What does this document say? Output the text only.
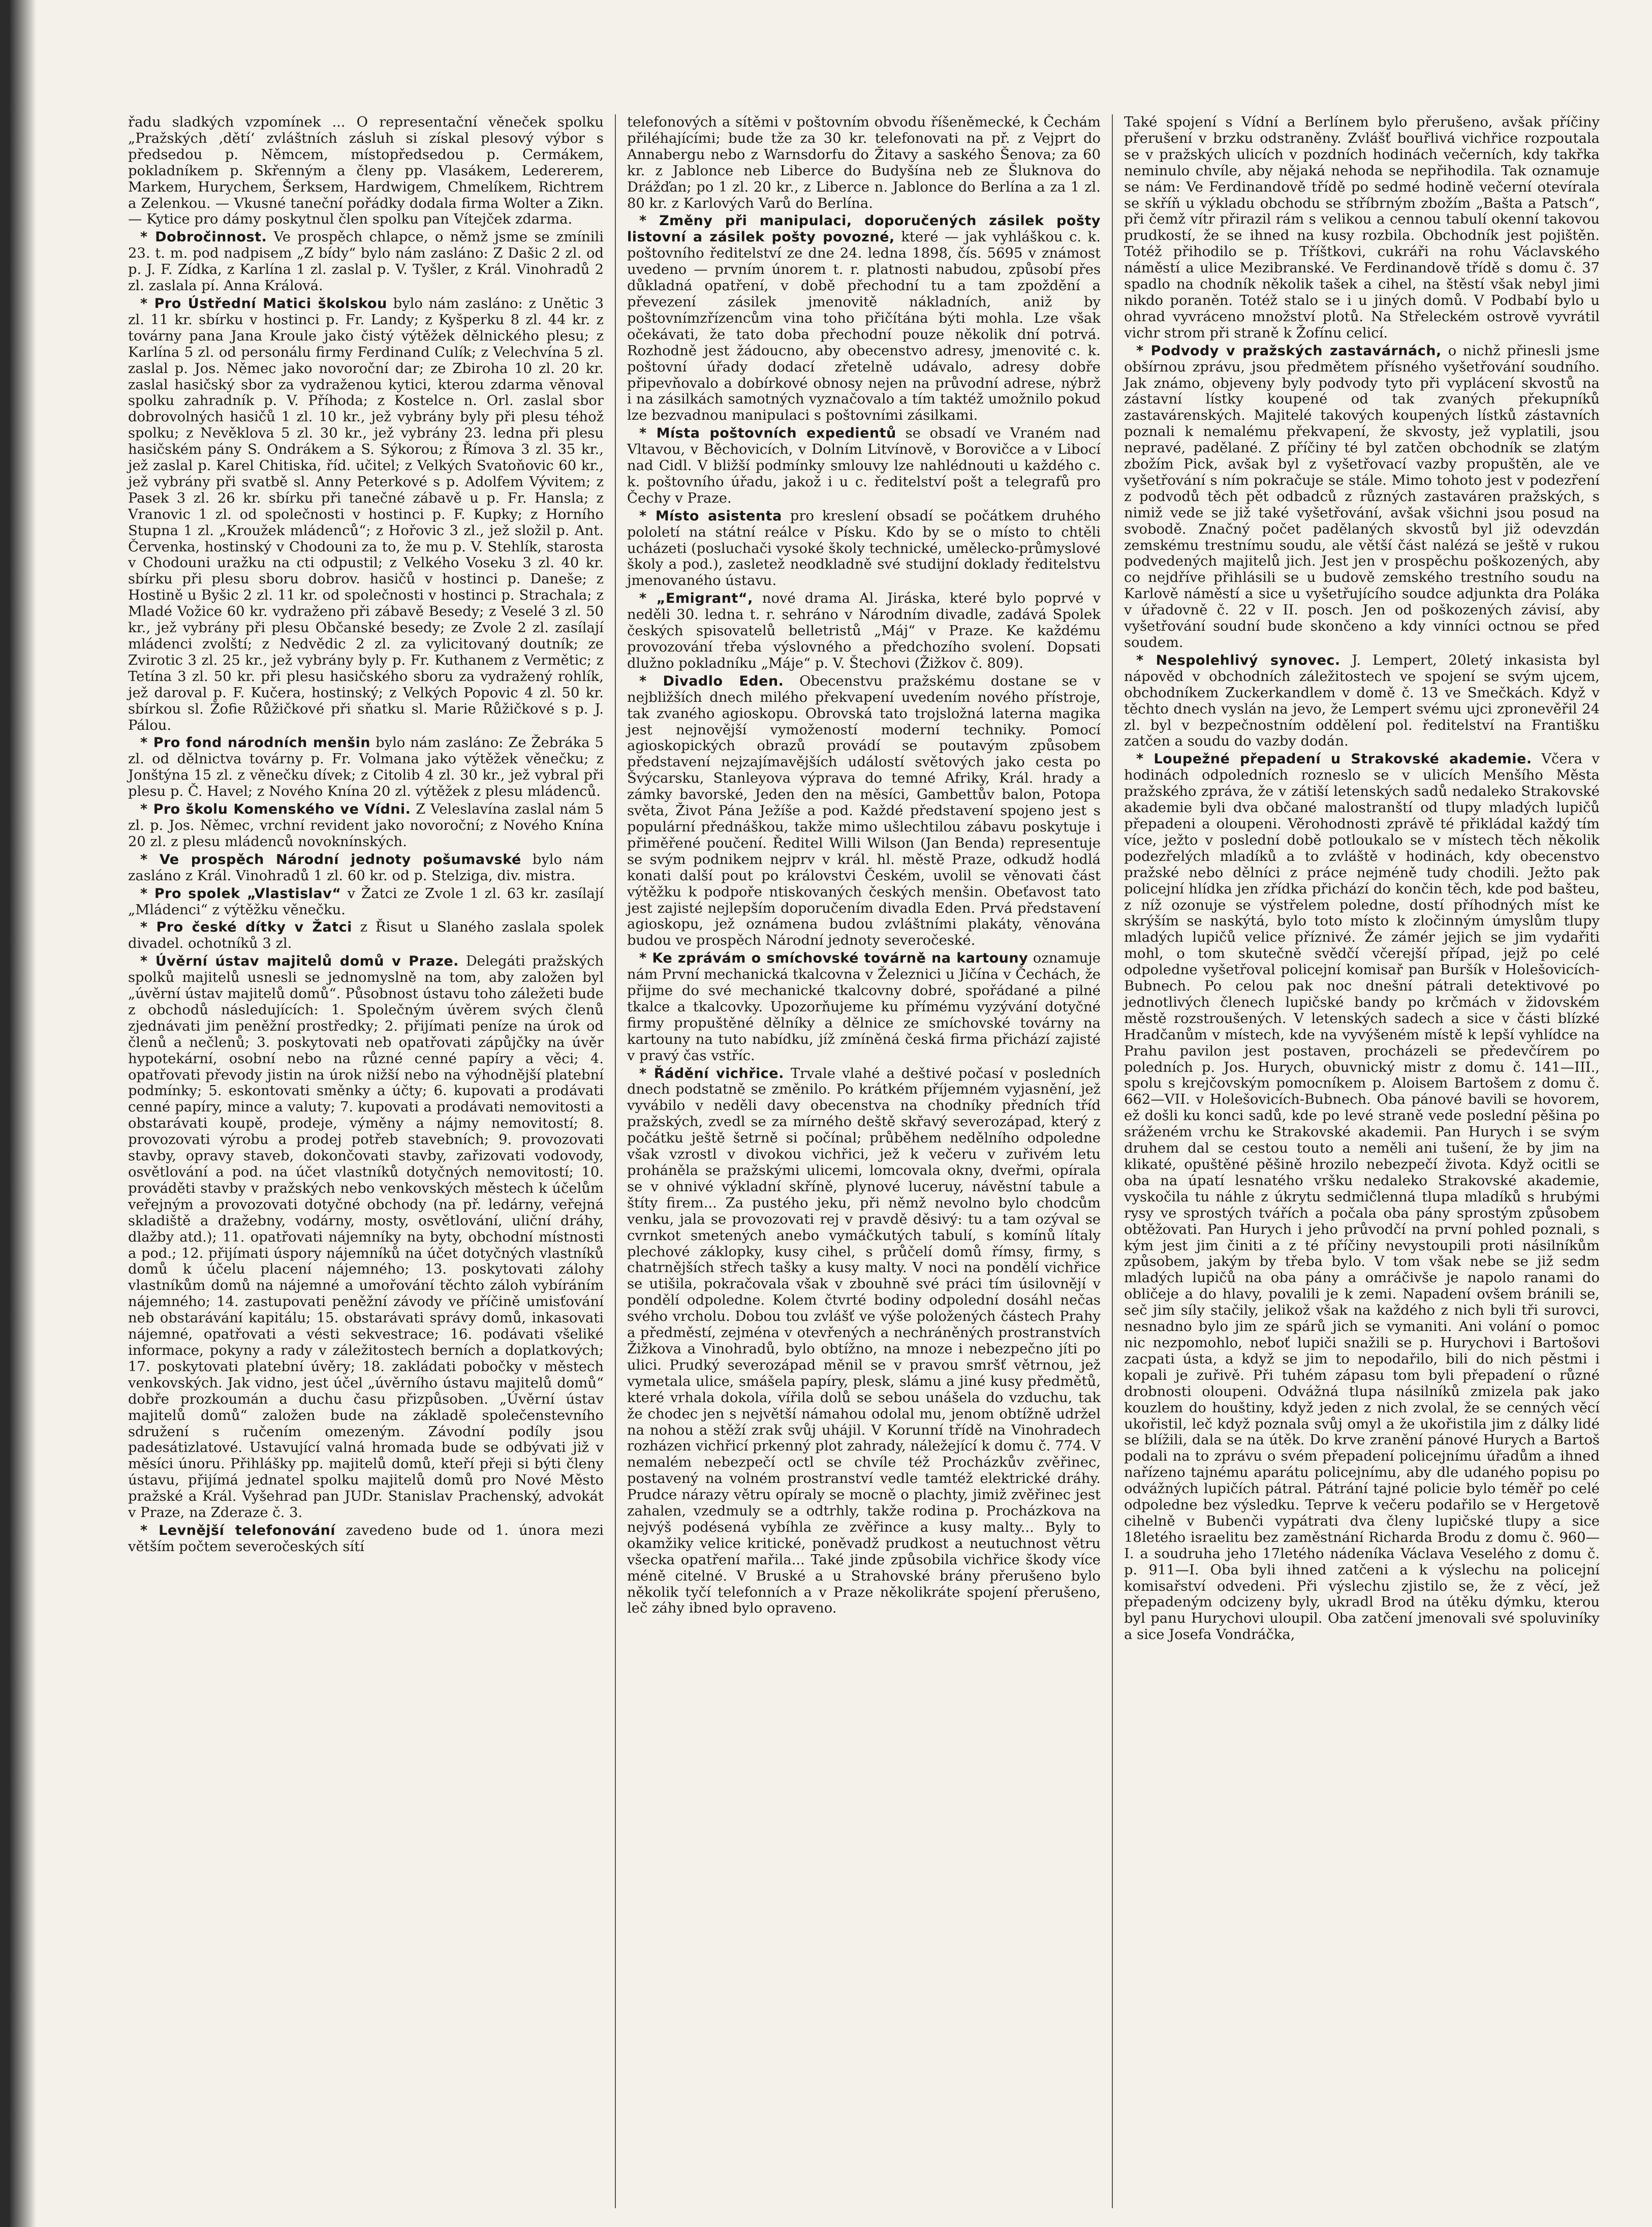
řadu sladkých vzpomínek ... O representační věneček spolku „Pražských ‚dětí‘ zvláštních zásluh si získal plesový výbor s předsedou p. Němcem, místopředsedou p. Cermákem, pokladníkem p. Skřenným a členy pp. Vlasákem, Ledererem, Markem, Hurychem, Šerksem, Hardwigem, Chmelíkem, Richtrem a Zelenkou. — Vkusné taneční pořádky dodala firma Wolter a Zikn. — Kytice pro dámy poskytnul člen spolku pan Vítejček zdarma.

* Dobročinnost. Ve prospěch chlapce, o němž jsme se zmínili 23. t. m. pod nadpisem „Z bídy“ bylo nám zasláno: Z Dašic 2 zl. od p. J. F. Zídka, z Karlína 1 zl. zaslal p. V. Tyšler, z Král. Vinohradů 2 zl. zaslala pí. Anna Králová.

* Pro Ústřední Matici školskou bylo nám zasláno: z Unětic 3 zl. 11 kr. sbírku v hostinci p. Fr. Landy; z Kyšperku 8 zl. 44 kr. z továrny pana Jana Kroule jako čistý výtěžek dělnického plesu; z Karlína 5 zl. od personálu firmy Ferdinand Culík; z Velechvína 5 zl. zaslal p. Jos. Němec jako novoroční dar; ze Zbiroha 10 zl. 20 kr. zaslal hasičský sbor za vydraženou kytici, kterou zdarma věnoval spolku zahradník p. V. Příhoda; z Kostelce n. Orl. zaslal sbor dobrovolných hasičů 1 zl. 10 kr., jež vybrány byly při plesu téhož spolku; z Nevěklova 5 zl. 30 kr., jež vybrány 23. ledna při plesu hasičském pány S. Ondrákem a S. Sýkorou; z Římova 3 zl. 35 kr., jež zaslal p. Karel Chitiska, říd. učitel; z Velkých Svatoňovic 60 kr., jež vybrány při svatbě sl. Anny Peterkové s p. Adolfem Vývitem; z Pasek 3 zl. 26 kr. sbírku při tanečné zábavě u p. Fr. Hansla; z Vranovic 1 zl. od společnosti v hostinci p. F. Kupky; z Horního Stupna 1 zl. „Kroužek mládenců“; z Hořovic 3 zl., jež složil p. Ant. Červenka, hostinský v Chodouni za to, že mu p. V. Stehlík, starosta v Chodouni uražku na cti odpustil; z Velkého Voseku 3 zl. 40 kr. sbírku při plesu sboru dobrov. hasičů v hostinci p. Daneše; z Hostině u Byšic 2 zl. 11 kr. od společnosti v hostinci p. Strachala; z Mladé Vožice 60 kr. vydraženo při zábavě Besedy; z Veselé 3 zl. 50 kr., jež vybrány při plesu Občanské besedy; ze Zvole 2 zl. zasílají mládenci zvolští; z Nedvědic 2 zl. za vylicitovaný doutník; ze Zvirotic 3 zl. 25 kr., jež vybrány byly p. Fr. Kuthanem z Vermětic; z Tetína 3 zl. 50 kr. při plesu hasičského sboru za vydražený rohlík, jež daroval p. F. Kučera, hostinský; z Velkých Popovic 4 zl. 50 kr. sbírkou sl. Žofie Růžičkové při sňatku sl. Marie Růžičkové s p. J. Pálou.

* Pro fond národních menšin bylo nám zasláno: Ze Žebráka 5 zl. od dělnictva továrny p. Fr. Volmana jako výtěžek věnečku; z Jonštýna 15 zl. z věnečku dívek; z Citolib 4 zl. 30 kr., jež vybral při plesu p. Č. Havel; z Nového Knína 20 zl. výtěžek z plesu mládenců.

* Pro školu Komenského ve Vídni. Z Veleslavína zaslal nám 5 zl. p. Jos. Němec, vrchní revident jako novoroční; z Nového Knína 20 zl. z plesu mládenců novoknínských.

* Ve prospěch Národní jednoty pošumavské bylo nám zasláno z Král. Vinohradů 1 zl. 60 kr. od p. Stelziga, div. mistra.

* Pro spolek „Vlastislav“ v Žatci ze Zvole 1 zl. 63 kr. zasílají „Mládenci“ z výtěžku věnečku.

* Pro české dítky v Žatci z Řisut u Slaného zaslala spolek divadel. ochotníků 3 zl.

* Úvěrní ústav majitelů domů v Praze. Delegáti pražských spolků majitelů usnesli se jednomyslně na tom, aby založen byl „úvěrní ústav majitelů domů“. Působnost ústavu toho záležeti bude z obchodů následujících: 1. Společným úvěrem svých členů zjednávati jim peněžní prostředky; 2. přijímati peníze na úrok od členů a nečlenů; 3. poskytovati neb opatřovati zápůjčky na úvěr hypotekární, osobní nebo na různé cenné papíry a věci; 4. opatřovati převody jistin na úrok nižší nebo na výhodnější platební podmínky; 5. eskontovati směnky a účty; 6. kupovati a prodávati cenné papíry, mince a valuty; 7. kupovati a prodávati nemovitosti a obstarávati koupě, prodeje, výměny a nájmy nemovitostí; 8. provozovati výrobu a prodej potřeb stavebních; 9. provozovati stavby, opravy staveb, dokončovati stavby, zařizovati vodovody, osvětlování a pod. na účet vlastníků dotyčných nemovitostí; 10. prováděti stavby v pražských nebo venkovských městech k účelům veřejným a provozovati dotyčné obchody (na př. ledárny, veřejná skladiště a dražebny, vodárny, mosty, osvětlování, uliční dráhy, dlažby atd.); 11. opatřovati nájemníky na byty, obchodní místnosti a pod.; 12. přijímati úspory nájemníků na účet dotyčných vlastníků domů k účelu placení nájemného; 13. poskytovati zálohy vlastníkům domů na nájemné a umořování těchto záloh vybíráním nájemného; 14. zastupovati peněžní závody ve příčině umisťování neb obstarávání kapitálu; 15. obstarávati správy domů, inkasovati nájemné, opatřovati a vésti sekvestrace; 16. podávati všeliké informace, pokyny a rady v záležitostech berních a doplatkových; 17. poskytovati platební úvěry; 18. zakládati pobočky v městech venkovských. Jak vidno, jest účel „úvěrního ústavu majitelů domů“ dobře prozkoumán a duchu času přizpůsoben. „Úvěrní ústav majitelů domů“ založen bude na základě společenstevního sdružení s ručením omezeným. Závodní podíly jsou padesátizlatové. Ustavující valná hromada bude se odbývati již v měsíci únoru. Přihlášky pp. majitelů domů, kteří přeji si býti členy ústavu, přijímá jednatel spolku majitelů domů pro Nové Město pražské a Král. Vyšehrad pan JUDr. Stanislav Prachenský, advokát v Praze, na Zderaze č. 3.

* Levnější telefonování zavedeno bude od 1. února mezi větším počtem severočeských sítí

telefonových a sítěmi v poštovním obvodu říšeněmecké, k Čechám přiléhajícími; bude tže za 30 kr. telefonovati na př. z Vejprt do Annabergu nebo z Warnsdorfu do Žitavy a saského Šenova; za 60 kr. z Jablonce neb Liberce do Budyšína neb ze Šluknova do Drážďan; po 1 zl. 20 kr., z Liberce n. Jablonce do Berlína a za 1 zl. 80 kr. z Karlových Varů do Berlína.

* Změny při manipulaci, doporučených zásilek pošty listovní a zásilek pošty povozné, které — jak vyhláškou c. k. poštovního ředitelství ze dne 24. ledna 1898, čís. 5695 v známost uvedeno — prvním únorem t. r. platnosti nabudou, způsobí přes důkladná opatření, v době přechodní tu a tam zpoždění a převezení zásilek jmenovitě nákladních, aniž by poštovnímzřízencům vina toho přičítána býti mohla. Lze však očekávati, že tato doba přechodní pouze několik dní potrvá. Rozhodně jest žádoucno, aby obecenstvo adresy, jmenovité c. k. poštovní úřady dodací zřetelně udávalo, adresy dobře připevňovalo a dobírkové obnosy nejen na průvodní adrese, nýbrž i na zásilkách samotných vyznačovalo a tím taktéž umožnilo pokud lze bezvadnou manipulaci s poštovními zásilkami.

* Místa poštovních expedientů se obsadí ve Vraném nad Vltavou, v Běchovicích, v Dolním Litvínově, v Borovičce a v Libocí nad Cidl. V bližší podmínky smlouvy lze nahlédnouti u každého c. k. poštovního úřadu, jakož i u c. ředitelství pošt a telegrafů pro Čechy v Praze.

* Místo asistenta pro kreslení obsadí se počátkem druhého pololetí na státní reálce v Písku. Kdo by se o místo to chtěli ucházeti (posluchači vysoké školy technické, umělecko-průmyslové školy a pod.), zasletež neodkladně své studijní doklady ředitelstvu jmenovaného ústavu.

* „Emigrant“, nové drama Al. Jiráska, které bylo poprvé v neděli 30. ledna t. r. sehráno v Národním divadle, zadává Spolek českých spisovatelů belletristů „Máj“ v Praze. Ke každému provozování třeba výslovného a předchozího svolení. Dopsati dlužno pokladníku „Máje“ p. V. Štechovi (Žižkov č. 809).

* Divadlo Eden. Obecenstvu pražskému dostane se v nejbližších dnech milého překvapení uvedením nového přístroje, tak zvaného agioskopu. Obrovská tato trojsložná laterna magika jest nejnovější vymožeností moderní techniky. Pomocí agioskopických obrazů provádí se poutavým způsobem představení nejzajímavějších událostí světových jako cesta po Švýcarsku, Stanleyova výprava do temné Afriky, Král. hrady a zámky bavorské, Jeden den na měsíci, Gambettův balon, Potopa světa, Život Pána Ježíše a pod. Každé představení spojeno jest s populární přednáškou, takže mimo ušlechtilou zábavu poskytuje i přiměřené poučení. Ředitel Willi Wilson (Jan Benda) representuje se svým podnikem nejprv v král. hl. městě Praze, odkudž hodlá konati další pout po královstvi Českém, uvolil se věnovati část výtěžku k podpoře ntiskovaných českých menšin. Obeťavost tato jest zajisté nejlepším doporučením divadla Eden. Prvá představení agioskopu, jež oznámena budou zvláštními plakáty, věnována budou ve prospěch Národní jednoty severočeské.

* Ke zprávám o smíchovské továrně na kartouny oznamuje nám První mechanická tkalcovna v Železnici u Jičína v Čechách, že přijme do své mechanické tkalcovny dobré, spořádané a pilné tkalce a tkalcovky. Upozorňujeme ku přímému vyzývání dotyčné firmy propuštěné dělníky a dělnice ze smíchovské továrny na kartouny na tuto nabídku, jíž zmíněná česká firma přichází zajisté v pravý čas vstříc.

* Řádění vichřice. Trvale vlahé a deštivé počasí v posledních dnech podstatně se změnilo. Po krátkém příjemném vyjasnění, jež vyvábilo v neděli davy obecenstva na chodníky předních tříd pražských, zvedl se za mírného deště skřavý severozápad, který z počátku ještě šetrně si počínal; průběhem nedělního odpoledne však vzrostl v divokou vichřici, jež k večeru v zuřivém letu proháněla se pražskými ulicemi, lomcovala okny, dveřmi, opírala se v ohnivé výkladní skříně, plynové luceruy, návěstní tabule a štíty firem... Za pustého jeku, při němž nevolno bylo chodcům venku, jala se provozovati rej v pravdě děsivý: tu a tam ozýval se cvrnkot smetených anebo vymáčkutých tabulí, s komínů lítaly plechové záklopky, kusy cihel, s průčelí domů římsy, firmy, s chatrnějších střech tašky a kusy malty. V noci na pondělí vichřice se utišila, pokračovala však v zbouhně své práci tím úsilovnějí v pondělí odpoledne. Kolem čtvrté bodiny odpolední dosáhl nečas svého vrcholu. Dobou tou zvlášť ve výše položených částech Prahy a předměstí, zejména v otevřených a nechráněných prostranstvích Žižkova a Vinohradů, bylo obtížno, na mnoze i nebezpečno jíti po ulici. Prudký severozápad měnil se v pravou smršť větrnou, jež vymetala ulice, smášela papíry, plesk, slámu a jiné kusy předmětů, které vrhala dokola, vířila dolů se sebou unášela do vzduchu, tak že chodec jen s největší námahou odolal mu, jenom obtížně udržel na nohou a stěží zrak svůj uhájil. V Korunní třídě na Vinohradech rozházen vichřicí prkenný plot zahrady, náležející k domu č. 774. V nemalém nebezpečí octl se chvíle též Procházkův zvěřinec, postavený na volném prostranství vedle tamtéž elektrické dráhy. Prudce nárazy větru opíraly se mocně o plachty, jimiž zvěřinec jest zahalen, vzedmuly se a odtrhly, takže rodina p. Procházkova na nejvýš podésená vybíhla ze zvěřince a kusy malty... Byly to okamžiky velice kritické, poněvadž prudkost a neutuchnost větru všecka opatření mařila... Také jinde způsobila vichřice škody více méně citelné. V Bruské a u Strahovské brány přerušeno bylo několik tyčí telefonních a v Praze několikráte spojení přerušeno, leč záhy ibned bylo opraveno.

Také spojení s Vídní a Berlínem bylo přerušeno, avšak příčiny přerušení v brzku odstraněny. Zvlášť bouřlivá vichřice rozpoutala se v pražských ulicích v pozdních hodinách večerních, kdy takřka neminulo chvíle, aby nějaká nehoda se nepřihodila. Tak oznamuje se nám: Ve Ferdinandově třídě po sedmé hodině večerní otevírala se skříň u výkladu obchodu se stříbrným zbožím „Bašta a Patsch“, při čemž vítr přirazil rám s velikou a cennou tabulí okenní takovou prudkostí, že se ihned na kusy rozbila. Obchodník jest pojištěn. Totéž přihodilo se p. Tříštkovi, cukráři na rohu Václavského náměstí a ulice Mezibranské. Ve Ferdinandově třídě s domu č. 37 spadlo na chodník několik tašek a cihel, na štěstí však nebyl jimi nikdo poraněn. Totéž stalo se i u jiných domů. V Podbabí bylo u ohrad vyvráceno množství plotů. Na Střeleckém ostrově vyvrátil vichr strom při straně k Žofínu celicí.

* Podvody v pražských zastavárnách, o nichž přinesli jsme obšírnou zprávu, jsou předmětem přísného vyšetřování soudního. Jak známo, objeveny byly podvody tyto při vyplácení skvostů na zástavní lístky koupené od tak zvaných překupníků zastavárenských. Majitelé takových koupených lístků zástavních poznali k nemalému překvapení, že skvosty, jež vyplatili, jsou nepravé, padělané. Z příčiny té byl zatčen obchodník se zlatým zbožím Pick, avšak byl z vyšetřovací vazby propuštěn, ale ve vyšetřování s ním pokračuje se stále. Mimo tohoto jest v podezření z podvodů těch pět odbadců z různých zastaváren pražských, s nimiž vede se již také vyšetřování, avšak všichni jsou posud na svobodě. Značný počet padělaných skvostů byl již odevzdán zemskému trestnímu soudu, ale větší část nalézá se ještě v rukou podvedených majitelů jich. Jest jen v prospěchu poškozených, aby co nejdříve přihlásili se u budově zemského trestního soudu na Karlově náměstí a sice u vyšetřujícího soudce adjunkta dra Poláka v úřadovně č. 22 v II. posch. Jen od poškozených závisí, aby vyšetřování soudní bude skončeno a kdy vinníci octnou se před soudem.

* Nespolehlivý synovec. J. Lempert, 20letý inkasista byl nápověd v obchodních záležitostech ve spojení se svým ujcem, obchodníkem Zuckerkandlem v domě č. 13 ve Smečkách. Když v těchto dnech vyslán na jevo, že Lempert svému ujci zpronevěřil 24 zl. byl v bezpečnostním oddělení pol. ředitelství na Františku zatčen a soudu do vazby dodán.

* Loupežné přepadení u Strakovské akademie. Včera v hodinách odpoledních rozneslo se v ulicích Menšího Města pražského zpráva, že v zátiší letenských sadů nedaleko Strakovské akademie byli dva občané malostranští od tlupy mladých lupičů přepadeni a oloupeni. Věrohodnosti zprávě té přikládal každý tím více, ježto v poslední době potloukalo se v místech těch několik podezřelých mladíků a to zvláště v hodinách, kdy obecenstvo pražské nebo dělníci z práce nejméně tudy chodili. Ježto pak policejní hlídka jen zřídka přichází do končin těch, kde pod bašteu, z níž ozonuje se výstřelem poledne, dostí příhodných míst ke skrýším se naskýtá, bylo toto místo k zločinným úmyslům tlupy mladých lupičů velice příznivé. Že zámér jejich se jim vydařiti mohl, o tom skutečně svědčí včerejší případ, jejž po celé odpoledne vyšetřoval policejní komisař pan Buršík v Holešovicích-Bubnech. Po celou pak noc dnešní pátrali detektivové po jednotlivých členech lupičské bandy po krčmách v židovském městě rozstroušených. V letenských sadech a sice v části blízké Hradčanům v místech, kde na vyvýšeném místě k lepší vyhlídce na Prahu pavilon jest postaven, procházeli se předevčírem po poledních p. Jos. Hurych, obuvnický mistr z domu č. 141—III., spolu s krejčovským pomocníkem p. Aloisem Bartošem z domu č. 662—VII. v Holešovicích-Bubnech. Oba pánové bavili se hovorem, ež došli ku konci sadů, kde po levé straně vede poslední pěšina po sráženém vrchu ke Strakovské akademii. Pan Hurych i se svým druhem dal se cestou touto a neměli ani tušení, že by jim na klikaté, opuštěné pěšině hrozilo nebezpečí života. Když ocitli se oba na úpatí lesnatého vršku nedaleko Strakovské akademie, vyskočila tu náhle z úkrytu sedmičlenná tlupa mladíků s hrubými rysy ve sprostých tvářích a počala oba pány sprostým způsobem obtěžovati. Pan Hurych i jeho průvodčí na první pohled poznali, s kým jest jim činiti a z té příčiny nevystoupili proti násilníkům způsobem, jakým by třeba bylo. V tom však nebe se již sedm mladých lupičů na oba pány a omráčivše je napolo ranami do obličeje a do hlavy, povalili je k zemi. Napadení ovšem bránili se, seč jim síly stačily, jelikož však na každého z nich byli tři surovci, nesnadno bylo jim ze spárů jich se vymaniti. Ani volání o pomoc nic nezpomohlo, neboť lupiči snažili se p. Hurychovi i Bartošovi zacpati ústa, a když se jim to nepodařilo, bili do nich pěstmi i kopali je zuřivě. Při tuhém zápasu tom byli přepadení o různé drobnosti oloupeni. Odvážná tlupa násilníků zmizela pak jako kouzlem do houštiny, když jeden z nich zvolal, že se cenných věcí ukořistil, leč když poznala svůj omyl a že ukořistila jim z dálky lidé se blížili, dala se na útěk. Do krve zranění pánové Hurych a Bartoš podali na to zprávu o svém přepadení policejnímu úřadům a ihned nařízeno tajnému aparátu policejnímu, aby dle udaného popisu po odvážných lupičích pátral. Pátrání tajné policie bylo téměř po celé odpoledne bez výsledku. Teprve k večeru podařilo se v Hergetově cihelně v Bubenči vypátrati dva členy lupičské tlupy a sice 18letého israelitu bez zaměstnání Richarda Brodu z domu č. 960—I. a soudruha jeho 17letého nádeníka Václava Veselého z domu č. p. 911—I. Oba byli ihned zatčeni a k výslechu na policejní komisařství odvedeni. Při výslechu zjistilo se, že z věcí, jež přepadeným odcizeny byly, ukradl Brod na útěku dýmku, kterou byl panu Hurychovi uloupil. Oba zatčení jmenovali své spoluviníky a sice Josefa Vondráčka,
